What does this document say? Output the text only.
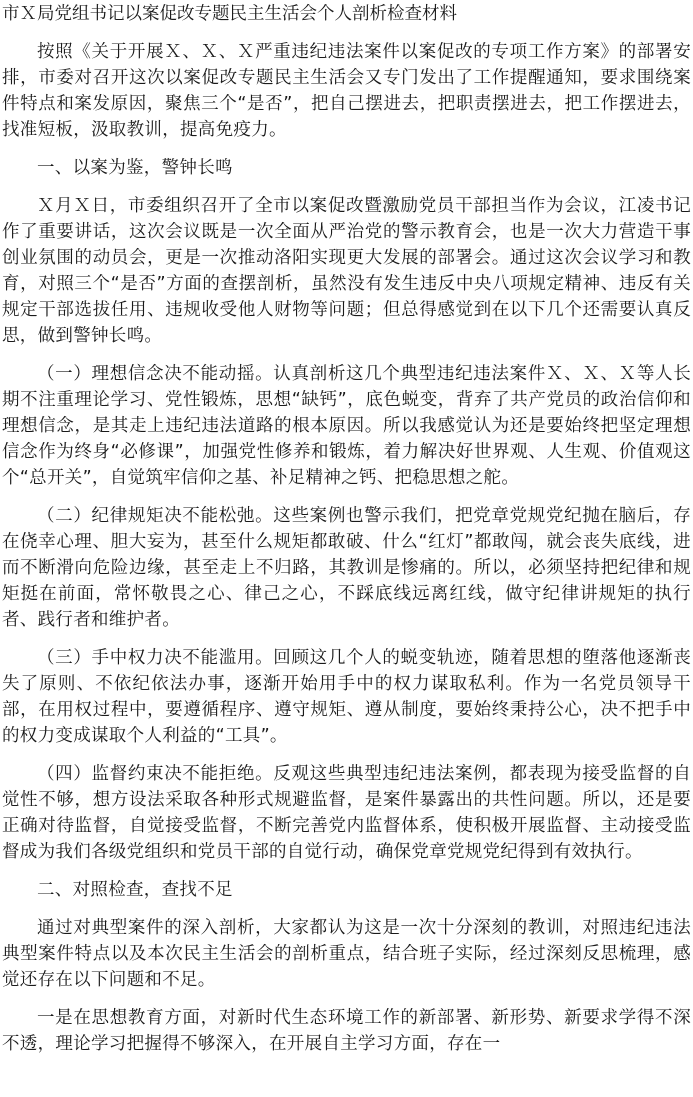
市Ｘ局党组书记以案促改专题民主生活会个人剖析检查材料

按照《关于开展Ｘ、Ｘ、Ｘ严重违纪违法案件以案促改的专项工作方案》的部署安排，市委对召开这次以案促改专题民主生活会又专门发出了工作提醒通知，要求围绕案件特点和案发原因，聚焦三个“是否”，把自己摆进去，把职责摆进去，把工作摆进去，找准短板，汲取教训，提高免疫力。

一、以案为鉴，警钟长鸣

Ｘ月Ｘ日，市委组织召开了全市以案促改暨激励党员干部担当作为会议，江凌书记作了重要讲话，这次会议既是一次全面从严治党的警示教育会，也是一次大力营造干事创业氛围的动员会，更是一次推动洛阳实现更大发展的部署会。通过这次会议学习和教育，对照三个“是否”方面的查摆剖析，虽然没有发生违反中央八项规定精神、违反有关规定干部选拔任用、违规收受他人财物等问题；但总得感觉到在以下几个还需要认真反思，做到警钟长鸣。

（一）理想信念决不能动摇。认真剖析这几个典型违纪违法案件Ｘ、Ｘ、Ｘ等人长期不注重理论学习、党性锻炼，思想“缺钙”，底色蜕变，背弃了共产党员的政治信仰和理想信念，是其走上违纪违法道路的根本原因。所以我感觉认为还是要始终把坚定理想信念作为终身“必修课”，加强党性修养和锻炼，着力解决好世界观、人生观、价值观这个“总开关”，自觉筑牢信仰之基、补足精神之钙、把稳思想之舵。

（二）纪律规矩决不能松弛。这些案例也警示我们，把党章党规党纪抛在脑后，存在侥幸心理、胆大妄为，甚至什么规矩都敢破、什么“红灯”都敢闯，就会丧失底线，进而不断滑向危险边缘，甚至走上不归路，其教训是惨痛的。所以，必须坚持把纪律和规矩挺在前面，常怀敬畏之心、律己之心，不踩底线远离红线，做守纪律讲规矩的执行者、践行者和维护者。

（三）手中权力决不能滥用。回顾这几个人的蜕变轨迹，随着思想的堕落他逐渐丧失了原则、不依纪依法办事，逐渐开始用手中的权力谋取私利。作为一名党员领导干部，在用权过程中，要遵循程序、遵守规矩、遵从制度，要始终秉持公心，决不把手中的权力变成谋取个人利益的“工具”。

（四）监督约束决不能拒绝。反观这些典型违纪违法案例，都表现为接受监督的自觉性不够，想方设法采取各种形式规避监督，是案件暴露出的共性问题。所以，还是要正确对待监督，自觉接受监督，不断完善党内监督体系，使积极开展监督、主动接受监督成为我们各级党组织和党员干部的自觉行动，确保党章党规党纪得到有效执行。

二、对照检查，查找不足

通过对典型案件的深入剖析，大家都认为这是一次十分深刻的教训，对照违纪违法典型案件特点以及本次民主生活会的剖析重点，结合班子实际，经过深刻反思梳理，感觉还存在以下问题和不足。

一是在思想教育方面，对新时代生态环境工作的新部署、新形势、新要求学得不深不透，理论学习把握得不够深入，在开展自主学习方面，存在一
